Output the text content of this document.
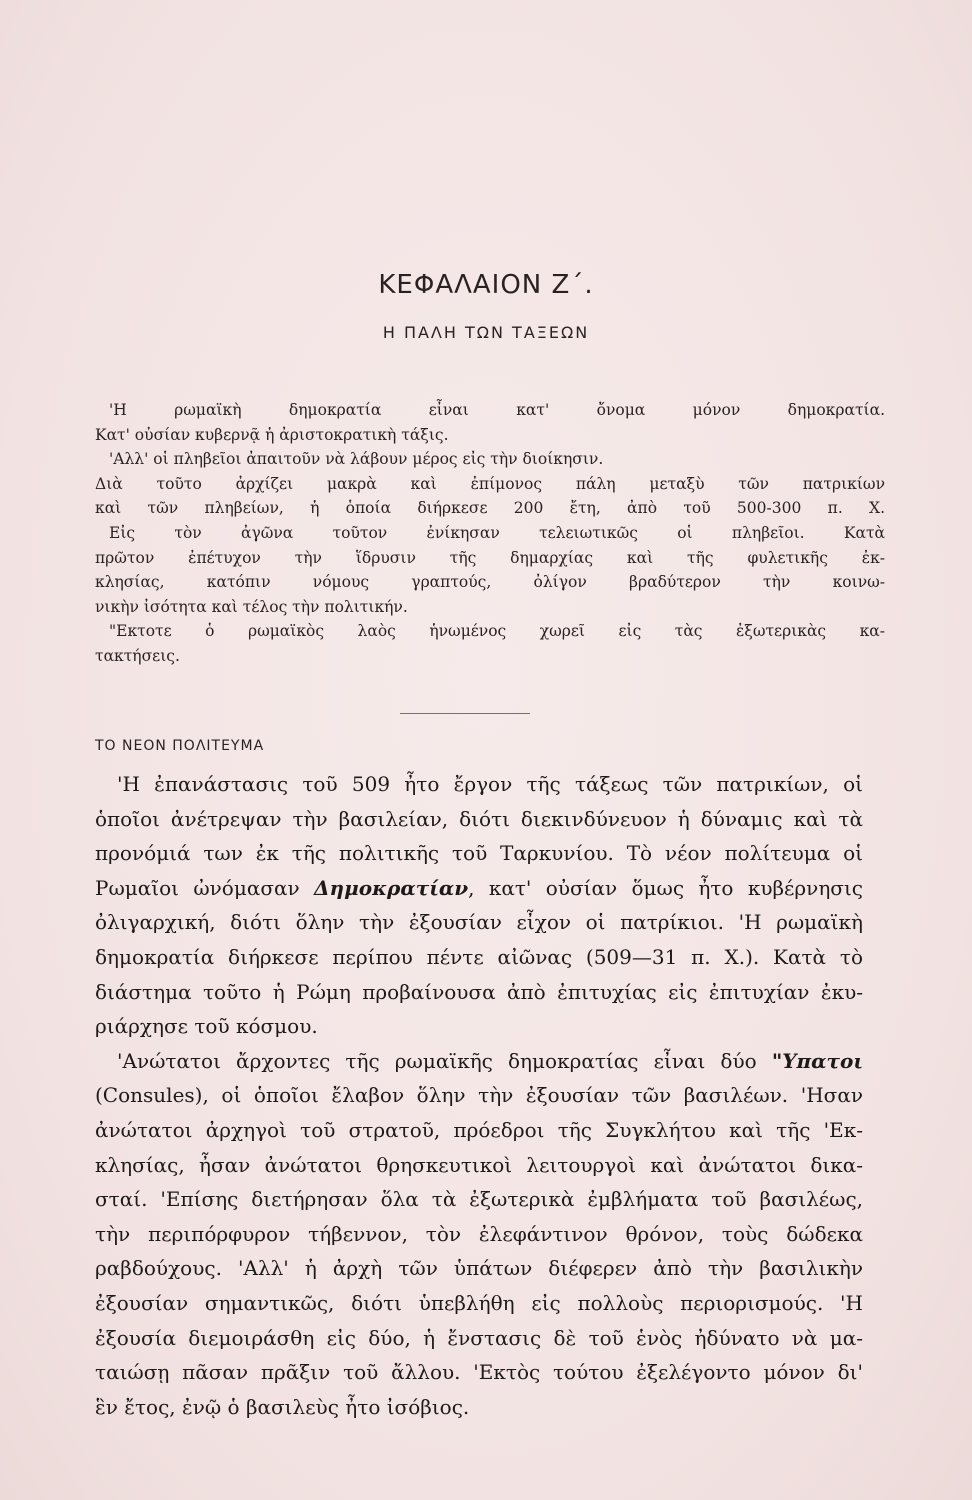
ΚΕΦΑΛΑΙΟΝ Ζ΄.
Η ΠΑΛΗ ΤΩΝ ΤΑΞΕΩΝ
'Η ρωμαϊκὴ δημοκρατία εἶναι κατ' ὄνομα μόνον δημοκρατία.
Κατ' οὐσίαν κυβερνᾷ ἡ ἀριστοκρατικὴ τάξις.
'Αλλ' οἱ πληβεῖοι ἀπαιτοῦν νὰ λάβουν μέρος εἰς τὴν διοίκησιν.
Διὰ τοῦτο ἀρχίζει μακρὰ καὶ ἐπίμονος πάλη μεταξὺ τῶν πατρικίων
καὶ τῶν πληβείων, ἡ ὁποία διήρκεσε 200 ἔτη, ἀπὸ τοῦ 500-300 π. Χ.
Εἰς τὸν ἀγῶνα τοῦτον ἐνίκησαν τελειωτικῶς οἱ πληβεῖοι. Κατὰ
πρῶτον ἐπέτυχον τὴν ἵδρυσιν τῆς δημαρχίας καὶ τῆς φυλετικῆς ἐκ-
κλησίας, κατόπιν νόμους γραπτούς, ὀλίγον βραδύτερον τὴν κοινω-
νικὴν ἰσότητα καὶ τέλος τὴν πολιτικήν.
"Εκτοτε ὁ ρωμαϊκὸς λαὸς ἡνωμένος χωρεῖ εἰς τὰς ἐξωτερικὰς κα-
τακτήσεις.
ΤΟ ΝΕΟΝ ΠΟΛΙΤΕΥΜΑ
'Η ἐπανάστασις τοῦ 509 ἦτο ἔργον τῆς τάξεως τῶν πατρικίων, οἱ
ὁποῖοι ἀνέτρεψαν τὴν βασιλείαν, διότι διεκινδύνευον ἡ δύναμις καὶ τὰ
προνόμιά των ἐκ τῆς πολιτικῆς τοῦ Ταρκυνίου. Τὸ νέον πολίτευμα οἱ
Ρωμαῖοι ὠνόμασαν Δημοκρατίαν, κατ' οὐσίαν ὅμως ἦτο κυβέρνησις
ὀλιγαρχική, διότι ὅλην τὴν ἐξουσίαν εἶχον οἱ πατρίκιοι. 'Η ρωμαϊκὴ
δημοκρατία διήρκεσε περίπου πέντε αἰῶνας (509—31 π. Χ.). Κατὰ τὸ
διάστημα τοῦτο ἡ Ρώμη προβαίνουσα ἀπὸ ἐπιτυχίας εἰς ἐπιτυχίαν ἐκυ-
ριάρχησε τοῦ κόσμου.
'Ανώτατοι ἄρχοντες τῆς ρωμαϊκῆς δημοκρατίας εἶναι δύο "Υπατοι
(Consules), οἱ ὁποῖοι ἔλαβον ὅλην τὴν ἐξουσίαν τῶν βασιλέων. 'Ησαν
ἀνώτατοι ἀρχηγοὶ τοῦ στρατοῦ, πρόεδροι τῆς Συγκλήτου καὶ τῆς 'Εκ-
κλησίας, ἦσαν ἀνώτατοι θρησκευτικοὶ λειτουργοὶ καὶ ἀνώτατοι δικα-
σταί. 'Επίσης διετήρησαν ὅλα τὰ ἐξωτερικὰ ἐμβλήματα τοῦ βασιλέως,
τὴν περιπόρφυρον τήβεννον, τὸν ἐλεφάντινον θρόνον, τοὺς δώδεκα
ραβδούχους. 'Αλλ' ἡ ἀρχὴ τῶν ὑπάτων διέφερεν ἀπὸ τὴν βασιλικὴν
ἐξουσίαν σημαντικῶς, διότι ὑπεβλήθη εἰς πολλοὺς περιορισμούς. 'Η
ἐξουσία διεμοιράσθη εἰς δύο, ἡ ἔνστασις δὲ τοῦ ἑνὸς ἠδύνατο νὰ μα-
ταιώσῃ πᾶσαν πρᾶξιν τοῦ ἄλλου. 'Εκτὸς τούτου ἐξελέγοντο μόνον δι'
ἓν ἔτος, ἐνῷ ὁ βασιλεὺς ἦτο ἰσόβιος.
